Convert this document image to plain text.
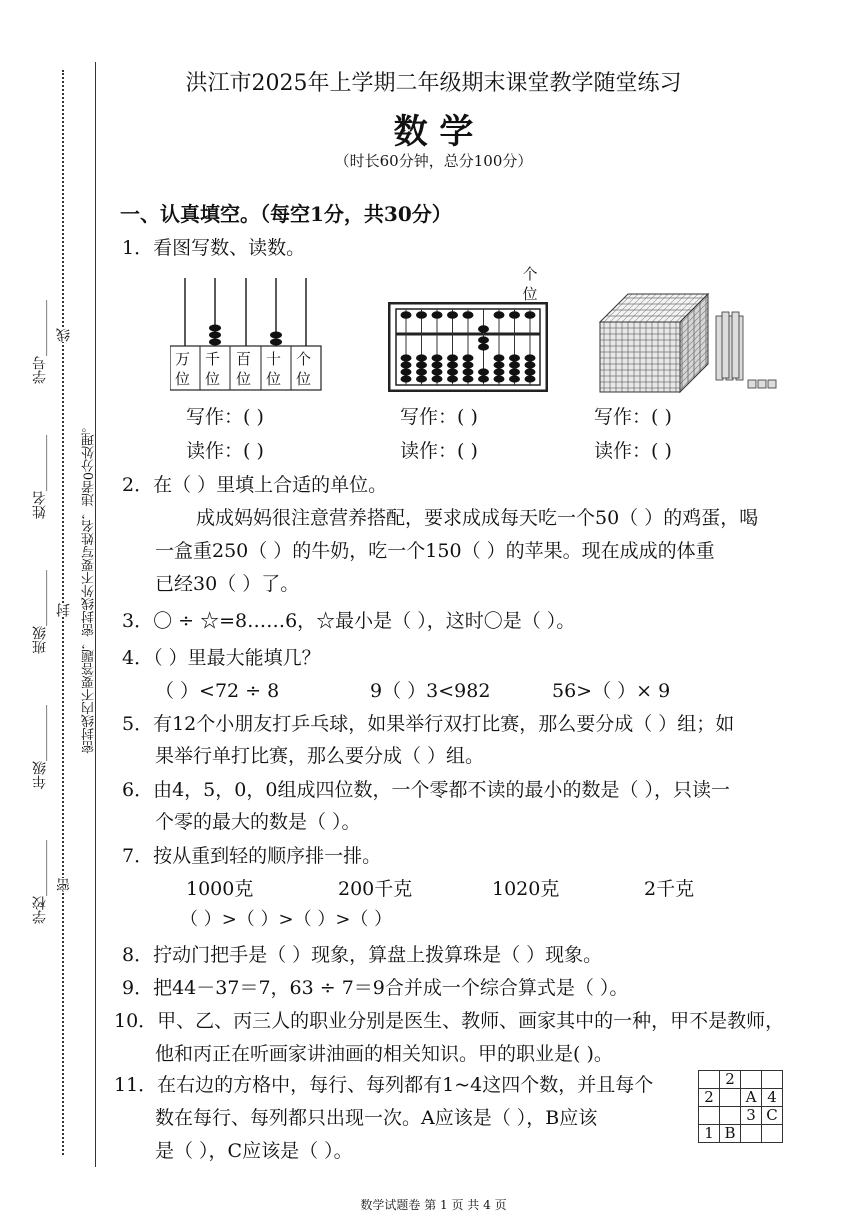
学号________
姓名________
班级________
年级________
学校________
线
封
密
密封线内不要答题，密封线外不要写姓名，违者0分处理。
洪江市2025年上学期二年级期末课堂教学随堂练习
数 学
（时长60分钟，总分100分）
一、认真填空。（每空1分，共30分）
1．看图写数、读数。
万位
千位
百位
十位
个位
个位
写作：( )	写作：( )	写作：( )
读作：( )	读作：( )	读作：( )
2．在（ ）里填上合适的单位。
成成妈妈很注意营养搭配，要求成成每天吃一个50（ ）的鸡蛋，喝
一盒重250（ ）的牛奶，吃一个150（ ）的苹果。现在成成的体重
已经30（ ）了。
3．〇 ÷ ☆=8……6，☆最小是（ ），这时〇是（ ）。
4．（ ）里最大能填几？
（ ）<72 ÷ 8	9（ ）3<982	56>（ ）× 9
5．有12个小朋友打乒乓球，如果举行双打比赛，那么要分成（ ）组；如
果举行单打比赛，那么要分成（ ）组。
6．由4，5，0，0组成四位数，一个零都不读的最小的数是（ ），只读一
个零的最大的数是（ ）。
7．按从重到轻的顺序排一排。
1000克	200千克	1020克	2千克
（ ）>（ ）>（ ）>（ ）
8．拧动门把手是（ ）现象，算盘上拨算珠是（ ）现象。
9．把44－37＝7，63 ÷ 7＝9合并成一个综合算式是（ ）。
10．甲、乙、丙三人的职业分别是医生、教师、画家其中的一种，甲不是教师，
他和丙正在听画家讲油画的相关知识。甲的职业是( )。
11．在右边的方格中，每行、每列都有1~4这四个数，并且每个
数在每行、每列都只出现一次。A应该是（ ），B应该
是（ ），C应该是（ ）。
	2		
2		A	4
		3	C
1	B		
数学试题卷 第 1 页 共 4 页
